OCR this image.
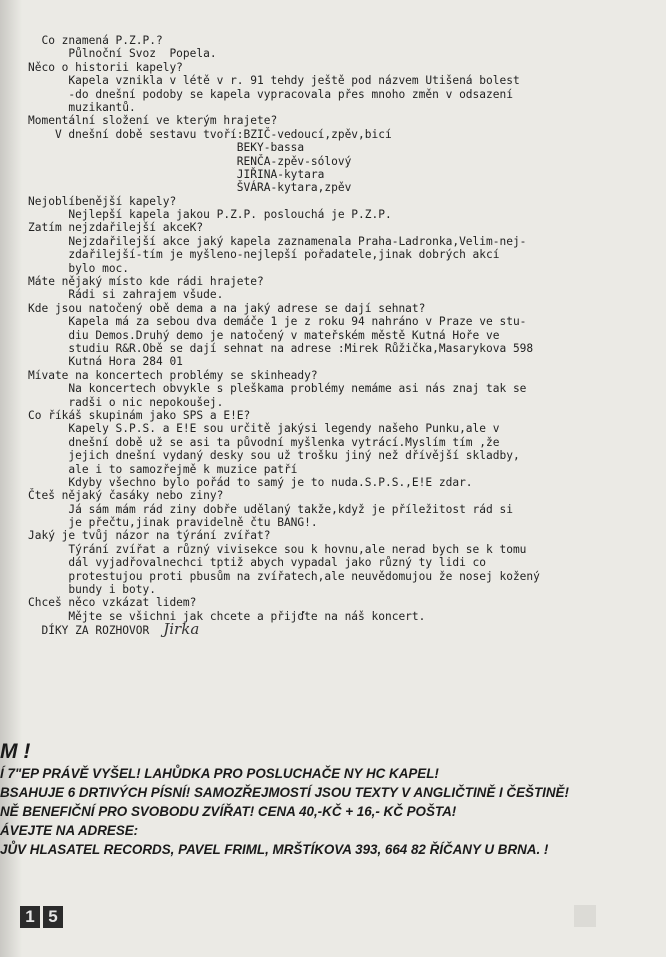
Co znamená P.Z.P.?
Půlnoční Svoz  Popela.
Něco o historii kapely?
Kapela vznikla v létě v r. 91 tehdy ještě pod názvem Utišená bolest
-do dnešní podoby se kapela vypracovala přes mnoho změn v odsazení
muzikantů.
Momentální složení ve kterým hrajete?
V dnešní době sestavu tvoří:BZIČ-vedoucí,zpěv,bicí
BEKY-bassa
RENČA-zpěv-sólový
JIŘINA-kytara
ŠVÁRA-kytara,zpěv
Nejoblíbenější kapely?
Nejlepší kapela jakou P.Z.P. poslouchá je P.Z.P.
Zatím nejzdařilejší akceK?
Nejzdařilejší akce jaký kapela zaznamenala Praha-Ladronka,Velim-nej-
zdařilejší-tím je myšleno-nejlepší pořadatele,jinak dobrých akcí
bylo moc.
Máte nějaký místo kde rádi hrajete?
Rádi si zahrajem všude.
Kde jsou natočený obě dema a na jaký adrese se dají sehnat?
Kapela má za sebou dva demáče 1 je z roku 94 nahráno v Praze ve stu-
diu Demos.Druhý demo je natočený v mateřském městě Kutná Hoře ve
studiu R&R.Obě se dají sehnat na adrese :Mirek Růžička,Masarykova 598
Kutná Hora 284 01
Mívate na koncertech problémy se skinheady?
Na koncertech obvykle s pleškama problémy nemáme asi nás znaj tak se
radši o nic nepokoušej.
Co říkáš skupinám jako SPS a E!E?
Kapely S.P.S. a E!E sou určitě jakýsi legendy našeho Punku,ale v
dnešní době už se asi ta původní myšlenka vytrácí.Myslím tím ,že
jejich dnešní vydaný desky sou už trošku jiný než dřívější skladby,
ale i to samozřejmě k muzice patří
Kdyby všechno bylo pořád to samý je to nuda.S.P.S.,E!E zdar.
Čteš nějaký časáky nebo ziny?
Já sám mám rád ziny dobře udělaný takže,když je příležitost rád si
je přečtu,jinak pravidelně čtu BANG!.
Jaký je tvůj názor na týrání zvířat?
Týrání zvířat a různý vivisekce sou k hovnu,ale nerad bych se k tomu
dál vyjadřovalnechci tptiž abych vypadal jako různý ty lidi co
protestujou proti pbusům na zvířatech,ale neuvědomujou že nosej kožený
bundy i boty.
Chceš něco vzkázat lidem?
Mějte se všichni jak chcete a přijďte na náš koncert.
DÍKY ZA ROZHOVOR Jirka
M !
Í 7"EP PRÁVĚ VYŠEL! LAHŮDKA PRO POSLUCHAČE NY HC KAPEL!
BSAHUJE 6 DRTIVÝCH PÍSNÍ! SAMOZŘEJMOSTÍ JSOU TEXTY V ANGLIČTINĚ I ČEŠTINĚ!
NĚ BENEFIČNÍ PRO SVOBODU ZVÍŘAT! CENA 40,-KČ + 16,- KČ POŠTA!
ÁVEJTE NA ADRESE:
JŮV HLASATEL RECORDS, PAVEL FRIML, MRŠTÍKOVA 393, 664 82 ŘÍČANY U BRNA. !
1 5
